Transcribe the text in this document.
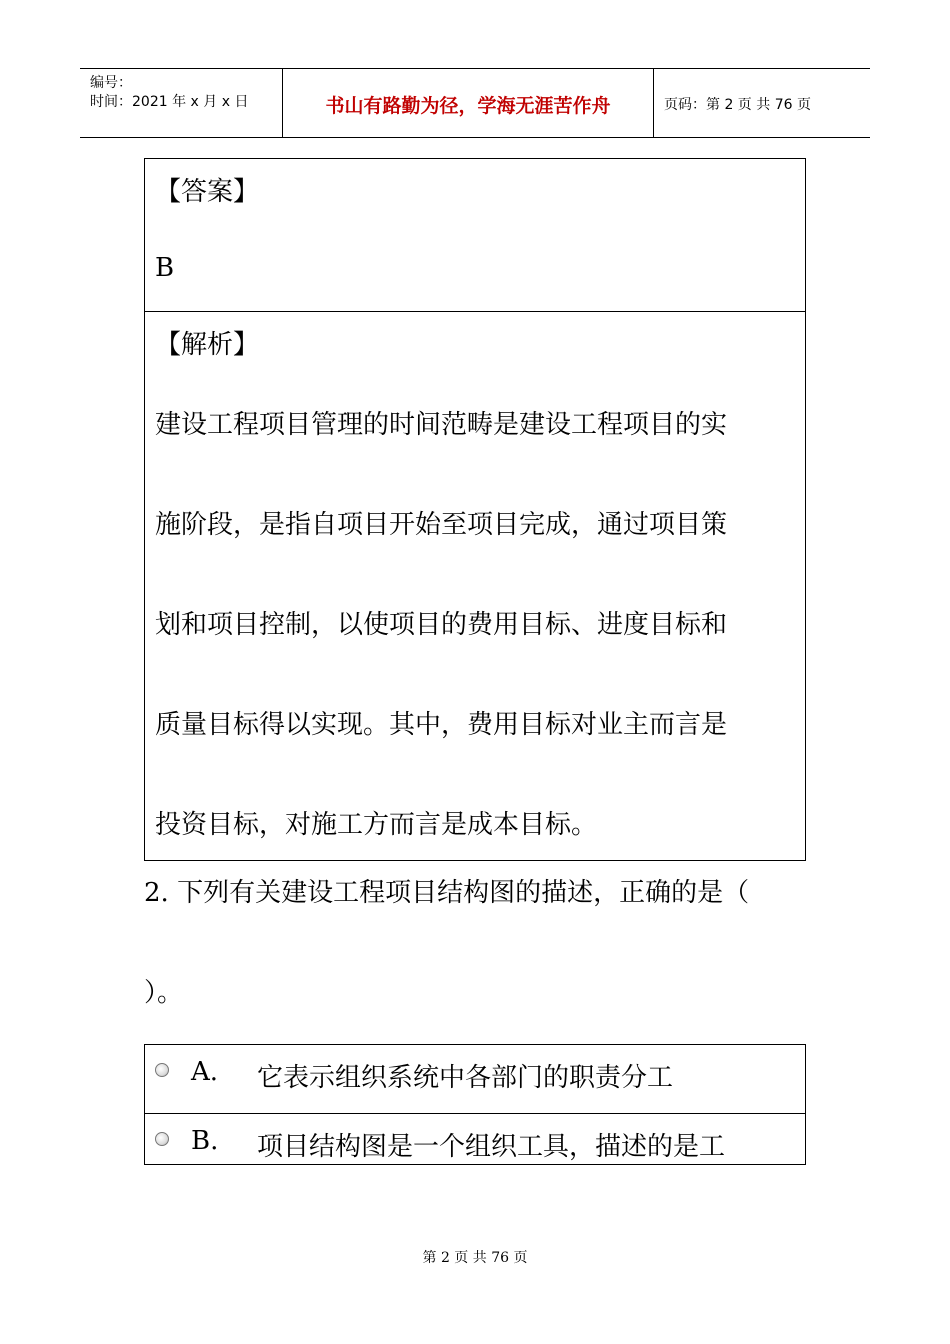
编号：
时间：2021 年 x 月 x 日	书山有路勤为径，学海无涯苦作舟	页码：第 2 页 共 76 页
【答案】
B
【解析】
建设工程项目管理的时间范畴是建设工程项目的实
施阶段，是指自项目开始至项目完成，通过项目策
划和项目控制，以使项目的费用目标、进度目标和
质量目标得以实现。其中，费用目标对业主而言是
投资目标，对施工方而言是成本目标。
2. 下列有关建设工程项目结构图的描述，正确的是（
）。
A. 它表示组织系统中各部门的职责分工
B. 项目结构图是一个组织工具，描述的是工
第 2 页 共 76 页
